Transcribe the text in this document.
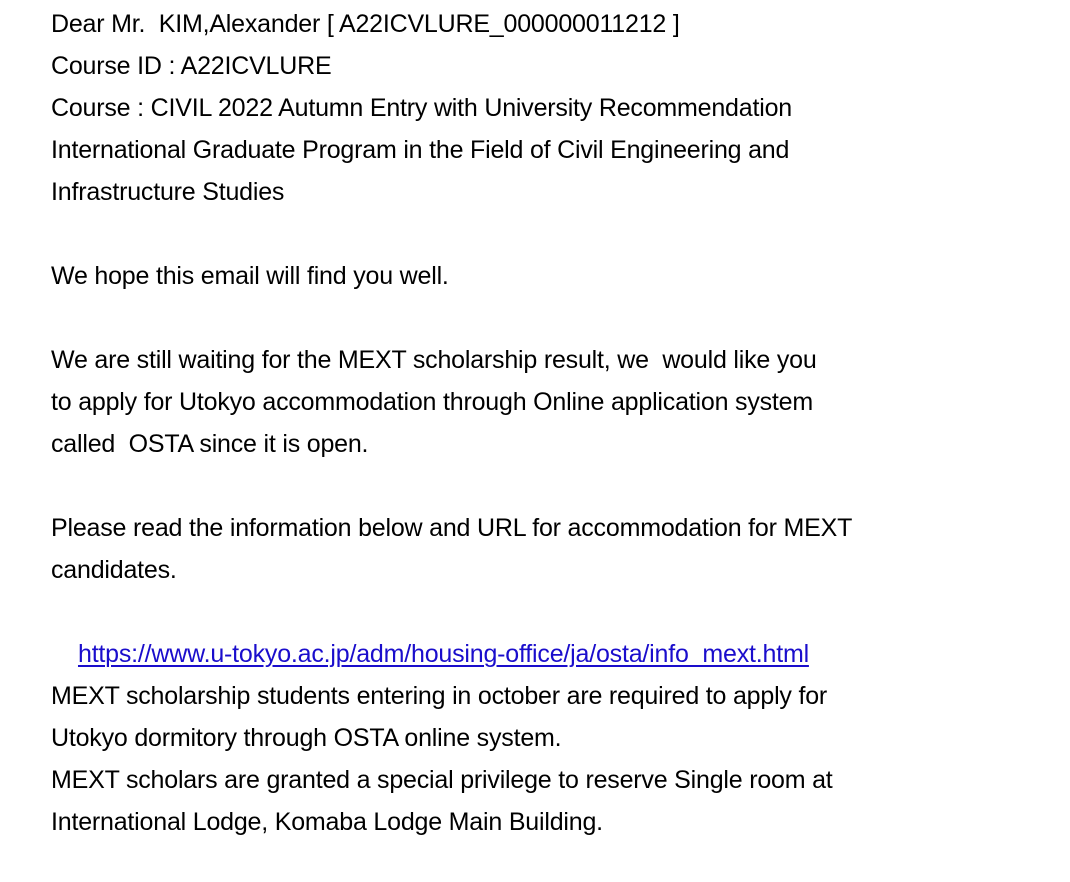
Dear Mr.  KIM,Alexander [ A22ICVLURE_000000011212 ]
Course ID : A22ICVLURE
Course : CIVIL 2022 Autumn Entry with University Recommendation
International Graduate Program in the Field of Civil Engineering and
Infrastructure Studies
We hope this email will find you well.
We are still waiting for the MEXT scholarship result, we  would like you
to apply for Utokyo accommodation through Online application system
called  OSTA since it is open.
Please read the information below and URL for accommodation for MEXT
candidates.

https://www.u-tokyo.ac.jp/adm/housing-office/ja/osta/info_mext.html

MEXT scholarship students entering in october are required to apply for
Utokyo dormitory through OSTA online system.
MEXT scholars are granted a special privilege to reserve Single room at
International Lodge, Komaba Lodge Main Building.
